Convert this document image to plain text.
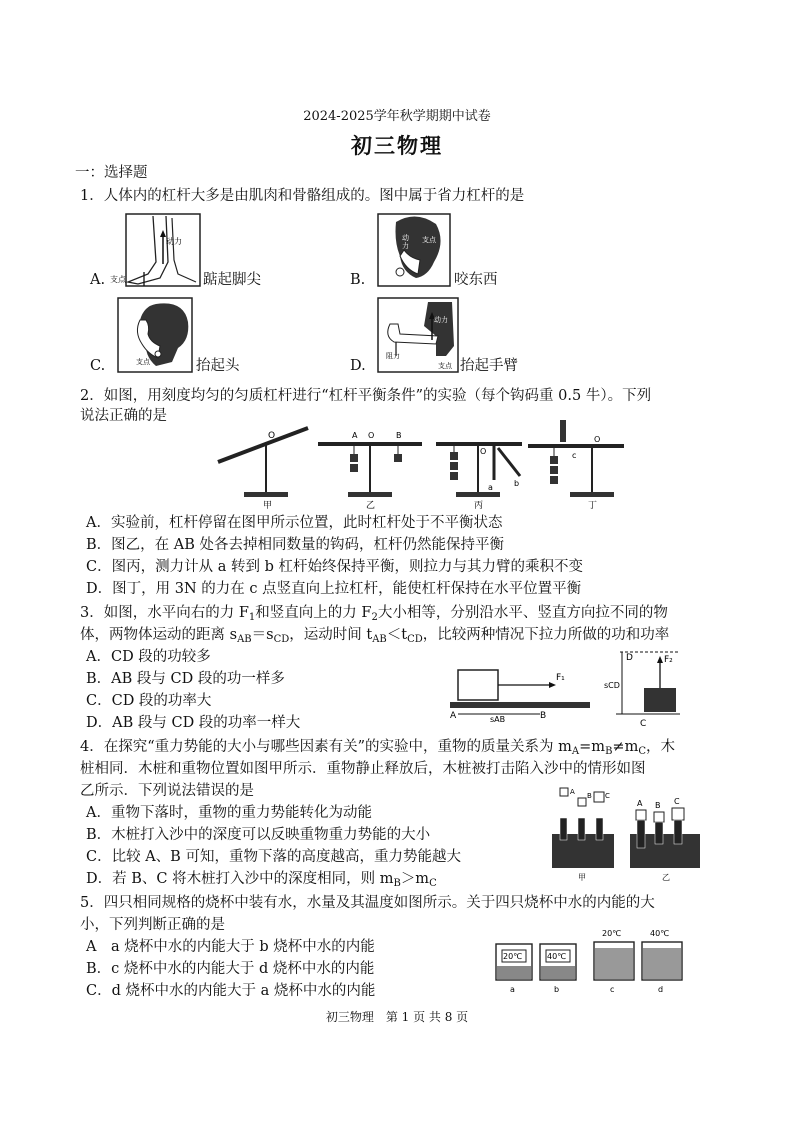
2024-2025学年秋学期期中试卷
初三物理
一：选择题
1．人体内的杠杆大多是由肌肉和骨骼组成的。图中属于省力杠杆的是
A.
动力
支点	踮起脚尖	B.
动
力
支点
咬东西
C.	支点	抬起头	D.
动力
阻力
支点 抬起手臂
2．如图，用刻度均匀的匀质杠杆进行“杠杆平衡条件”的实验（每个钩码重 0.5 牛）。下列
说法正确的是
O
甲
A O	B
乙
O
a	b
丙
c
O
丁
A．实验前，杠杆停留在图甲所示位置，此时杠杆处于不平衡状态
B．图乙，在 AB 处各去掉相同数量的钩码，杠杆仍然能保持平衡
C．图丙，测力计从 a 转到 b 杠杆始终保持平衡，则拉力与其力臂的乘积不变
D．图丁，用 3N 的力在 c 点竖直向上拉杠杆，能使杠杆保持在水平位置平衡
3．如图，水平向右的力 $F_1$和竖直向上的力 $F_2$大小相等，分别沿水平、竖直方向拉不同的物
体，两物体运动的距离 $s_{AB}=s_{CD}$，运动时间 $t_{AB}<t_{CD}$，比较两种情况下拉力所做的功和功率
A．CD 段的功较多
B．AB 段与 CD 段的功一样多
C．CD 段的功率大
D．AB 段与 CD 段的功率一样大
F₁
A	B
sAB
sCD
D	F₂
C
4．在探究“重力势能的大小与哪些因素有关”的实验中，重物的质量关系为 $m_A=m_B\ne m_C$，木
桩相同．木桩和重物位置如图甲所示．重物静止释放后，木桩被打击陷入沙中的情形如图
乙所示．下列说法错误的是
A．重物下落时，重物的重力势能转化为动能
B．木桩打入沙中的深度可以反映重物重力势能的大小
C．比较 A、B 可知，重物下落的高度越高，重力势能越大
D．若 B、C 将木桩打入沙中的深度相同，则 $m_B>m_C$
A B C
甲
A B C
乙
5．四只相同规格的烧杯中装有水，水量及其温度如图所示。关于四只烧杯中水的内能的大
小，下列判断正确的是
A　a 烧杯中水的内能大于 b 烧杯中水的内能
B．c 烧杯中水的内能大于 d 烧杯中水的内能
C．d 烧杯中水的内能大于 a 烧杯中水的内能
20℃
a
40℃
b
20℃
c
40℃
d
初三物理　第 1 页 共 8 页
